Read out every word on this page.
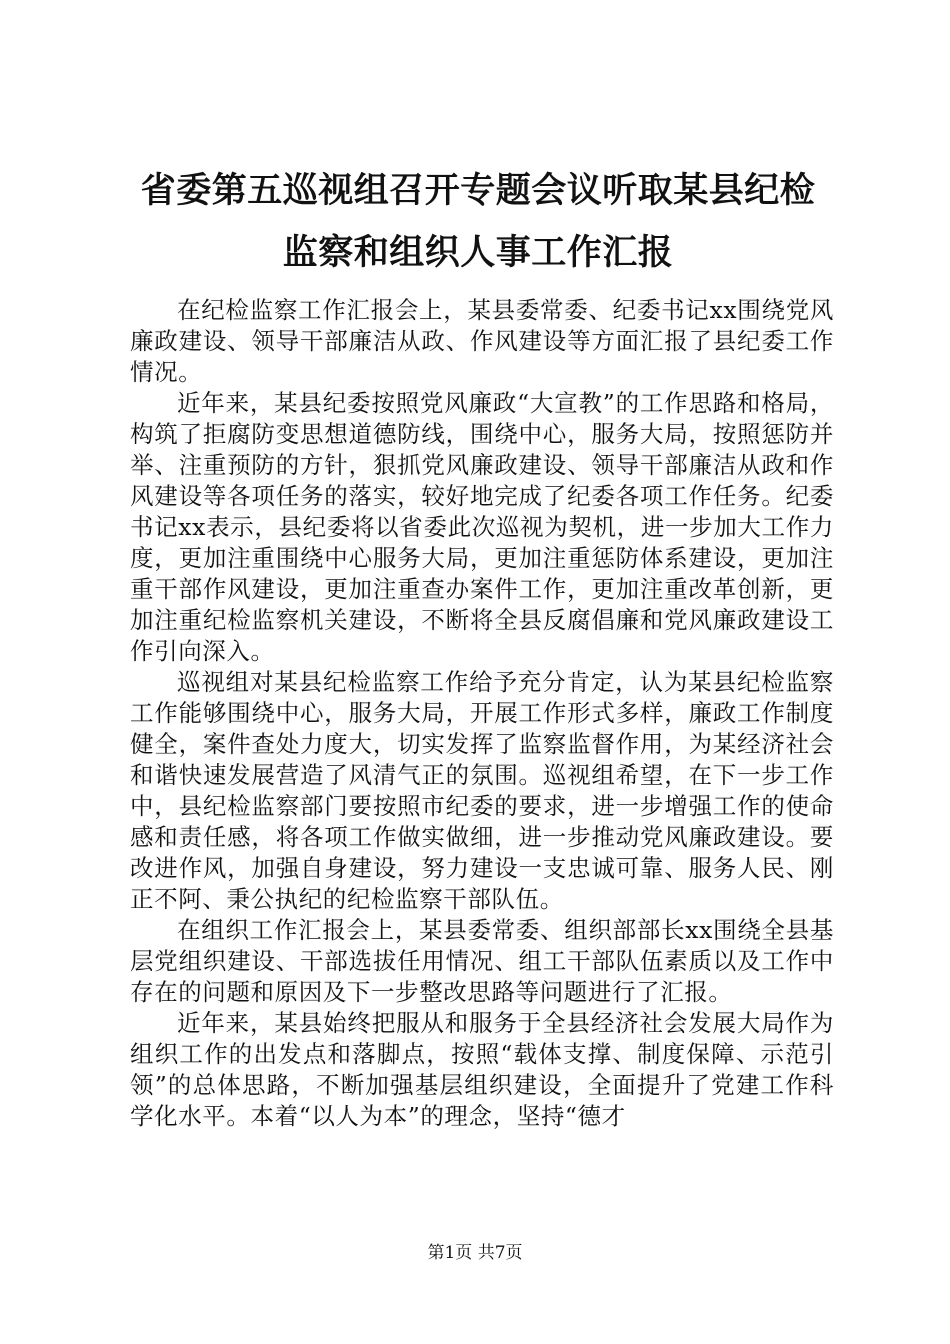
省委第五巡视组召开专题会议听取某县纪检监察和组织人事工作汇报

在纪检监察工作汇报会上，某县委常委、纪委书记xx围绕党风廉政建设、领导干部廉洁从政、作风建设等方面汇报了县纪委工作情况。

近年来，某县纪委按照党风廉政“大宣教”的工作思路和格局，构筑了拒腐防变思想道德防线，围绕中心，服务大局，按照惩防并举、注重预防的方针，狠抓党风廉政建设、领导干部廉洁从政和作风建设等各项任务的落实，较好地完成了纪委各项工作任务。纪委书记xx表示，县纪委将以省委此次巡视为契机，进一步加大工作力度，更加注重围绕中心服务大局，更加注重惩防体系建设，更加注重干部作风建设，更加注重查办案件工作，更加注重改革创新，更加注重纪检监察机关建设，不断将全县反腐倡廉和党风廉政建设工作引向深入。

巡视组对某县纪检监察工作给予充分肯定，认为某县纪检监察工作能够围绕中心，服务大局，开展工作形式多样，廉政工作制度健全，案件查处力度大，切实发挥了监察监督作用，为某经济社会和谐快速发展营造了风清气正的氛围。巡视组希望，在下一步工作中，县纪检监察部门要按照市纪委的要求，进一步增强工作的使命感和责任感，将各项工作做实做细，进一步推动党风廉政建设。要改进作风，加强自身建设，努力建设一支忠诚可靠、服务人民、刚正不阿、秉公执纪的纪检监察干部队伍。

在组织工作汇报会上，某县委常委、组织部部长xx围绕全县基层党组织建设、干部选拔任用情况、组工干部队伍素质以及工作中存在的问题和原因及下一步整改思路等问题进行了汇报。

近年来，某县始终把服从和服务于全县经济社会发展大局作为组织工作的出发点和落脚点，按照“载体支撑、制度保障、示范引领”的总体思路，不断加强基层组织建设，全面提升了党建工作科学化水平。本着“以人为本”的理念，坚持“德才

第1页 共7页
